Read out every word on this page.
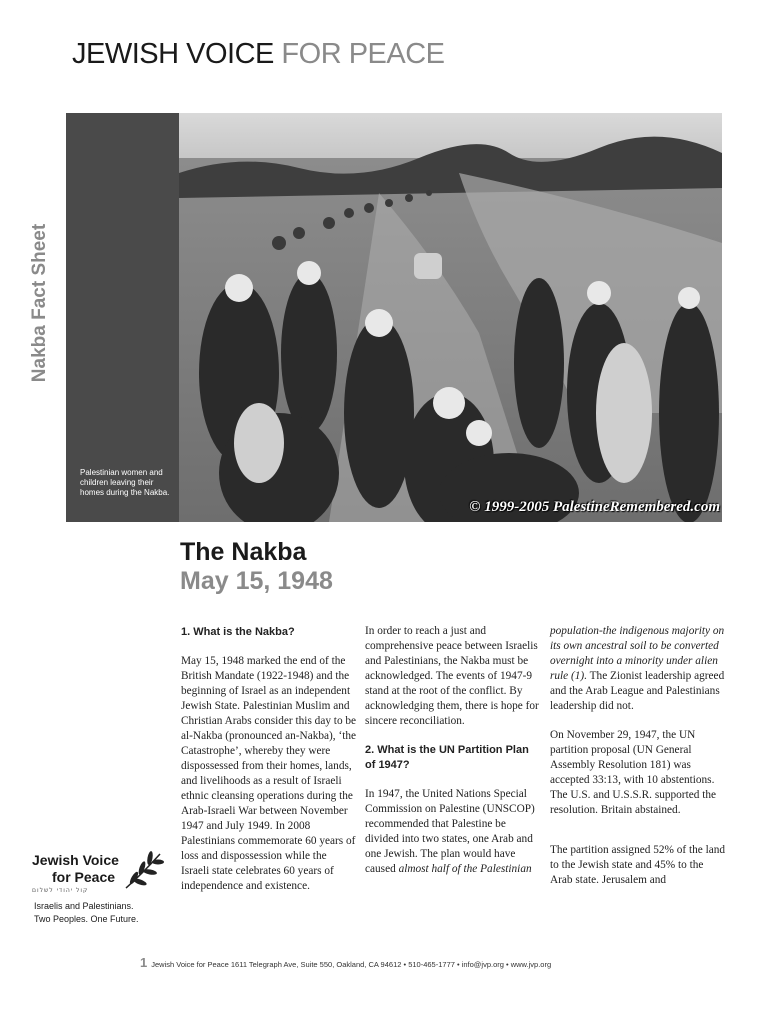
JEWISH VOICE FOR PEACE
Nakba Fact Sheet
Palestinian women and children leaving their homes during the Nakba.
© 1999-2005 PalestineRemembered.com
The Nakba
May 15, 1948
1. What is the Nakba?

May 15, 1948 marked the end of the British Mandate (1922-1948) and the beginning of Israel as an independent Jewish State. Palestinian Muslim and Christian Arabs consider this day to be al-Nakba (pronounced an-Nakba), ‘the Catastrophe’, whereby they were dispossessed from their homes, lands, and livelihoods as a result of Israeli ethnic cleansing operations during the Arab-Israeli War between November 1947 and July 1949. In 2008 Palestinians commemorate 60 years of loss and dispossession while the Israeli state celebrates 60 years of independence and existence.

In order to reach a just and comprehensive peace between Israelis and Palestinians, the Nakba must be acknowledged. The events of 1947-9 stand at the root of the conflict. By acknowledging them, there is hope for sincere reconciliation.

2. What is the UN Partition Plan of 1947?

In 1947, the United Nations Special Commission on Palestine (UNSCOP) recommended that Palestine be divided into two states, one Arab and one Jewish. The plan would have caused almost half of the Palestinian

population-the indigenous majority on its own ancestral soil to be converted overnight into a minority under alien rule (1). The Zionist leadership agreed and the Arab League and Palestinians leadership did not.

On November 29, 1947, the UN partition proposal (UN General Assembly Resolution 181) was accepted 33:13, with 10 abstentions. The U.S. and U.S.S.R. supported the resolution. Britain abstained.

The partition assigned 52% of the land to the Jewish state and 45% to the Arab state. Jerusalem and

Jewish Voice
for Peace
קול יהודי לשלום
Israelis and Palestinians.
Two Peoples. One Future.
1 Jewish Voice for Peace 1611 Telegraph Ave, Suite 550, Oakland, CA 94612 • 510-465-1777 • info@jvp.org • www.jvp.org
